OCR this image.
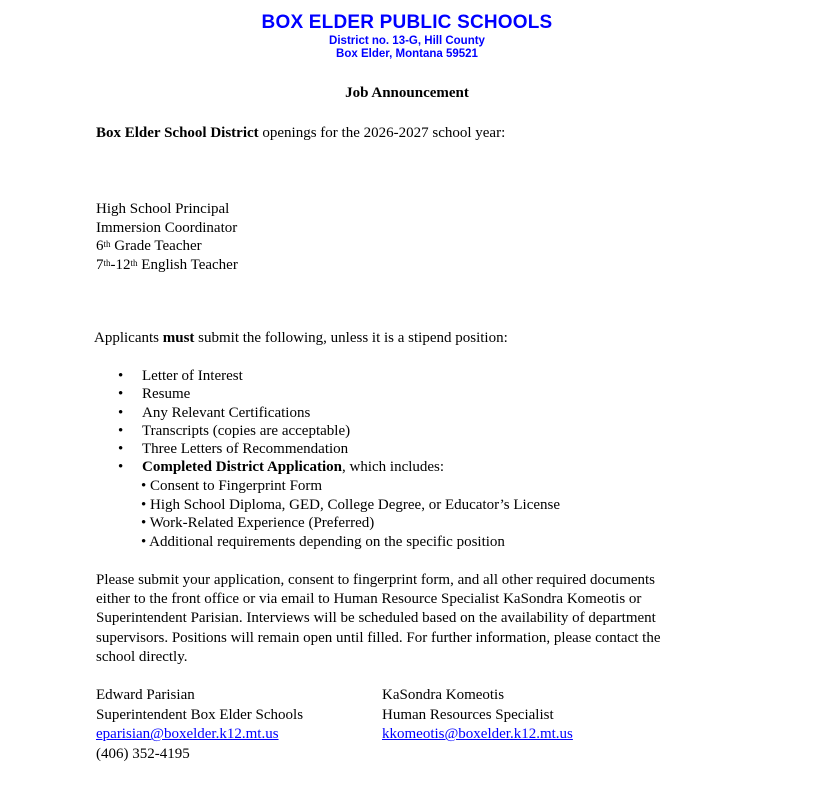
BOX ELDER PUBLIC SCHOOLS
District no. 13-G, Hill County
Box Elder, Montana 59521
Job Announcement
Box Elder School District openings for the 2026-2027 school year:
High School Principal
Immersion Coordinator
6th Grade Teacher
7th-12th English Teacher
Applicants must submit the following, unless it is a stipend position:
• Letter of Interest
• Resume
• Any Relevant Certifications
• Transcripts (copies are acceptable)
• Three Letters of Recommendation
• Completed District Application, which includes:
• Consent to Fingerprint Form
• High School Diploma, GED, College Degree, or Educator’s License
• Work-Related Experience (Preferred)
• Additional requirements depending on the specific position
Please submit your application, consent to fingerprint form, and all other required documents either to the front office or via email to Human Resource Specialist KaSondra Komeotis or Superintendent Parisian. Interviews will be scheduled based on the availability of department supervisors. Positions will remain open until filled. For further information, please contact the school directly.
Edward Parisian
Superintendent Box Elder Schools
eparisian@boxelder.k12.mt.us
(406) 352-4195
KaSondra Komeotis
Human Resources Specialist
kkomeotis@boxelder.k12.mt.us
